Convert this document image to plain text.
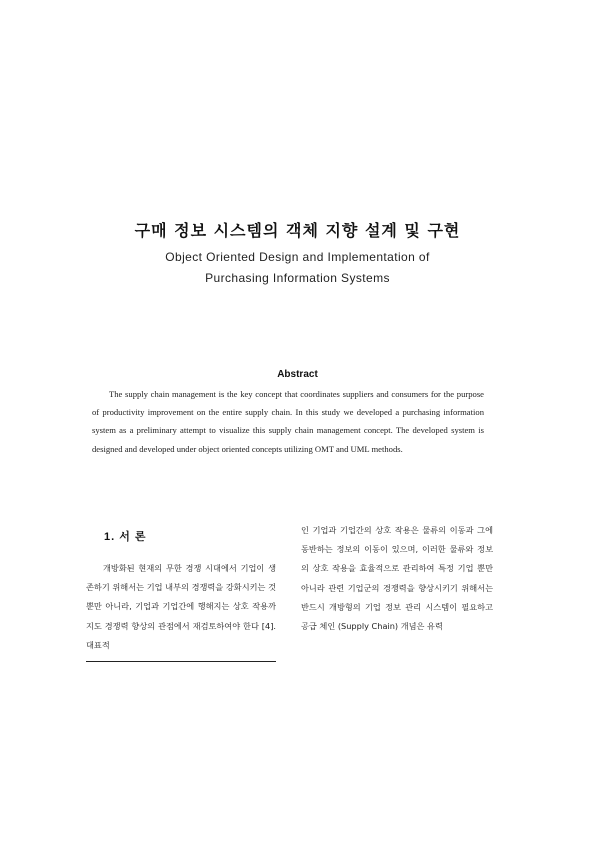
구매 정보 시스템의 객체 지향 설계 및 구현
Object Oriented Design and Implementation of
Purchasing Information Systems
Abstract

The supply chain management is the key concept that coordinates suppliers and consumers for the purpose of productivity improvement on the entire supply chain. In this study we developed a purchasing information system as a preliminary attempt to visualize this supply chain management concept. The developed system is designed and developed under object oriented concepts utilizing OMT and UML methods.

1. 서 론

개방화된 현재의 무한 경쟁 시대에서 기업이 생존하기 위해서는 기업 내부의 경쟁력을 강화시키는 것 뿐만 아니라, 기업과 기업간에 행해지는 상호 작용까지도 경쟁력 향상의 관점에서 재검토하여야 한다 [4]. 대표적

인 기업과 기업간의 상호 작용은 물류의 이동과 그에 동반하는 정보의 이동이 있으며, 이러한 물류와 정보의 상호 작용을 효율적으로 관리하여 특정 기업 뿐만 아니라 관련 기업군의 경쟁력을 향상시키기 위해서는 반드시 개방형의 기업 정보 관리 시스템이 필요하고 공급 체인 (Supply Chain) 개념은 유력
